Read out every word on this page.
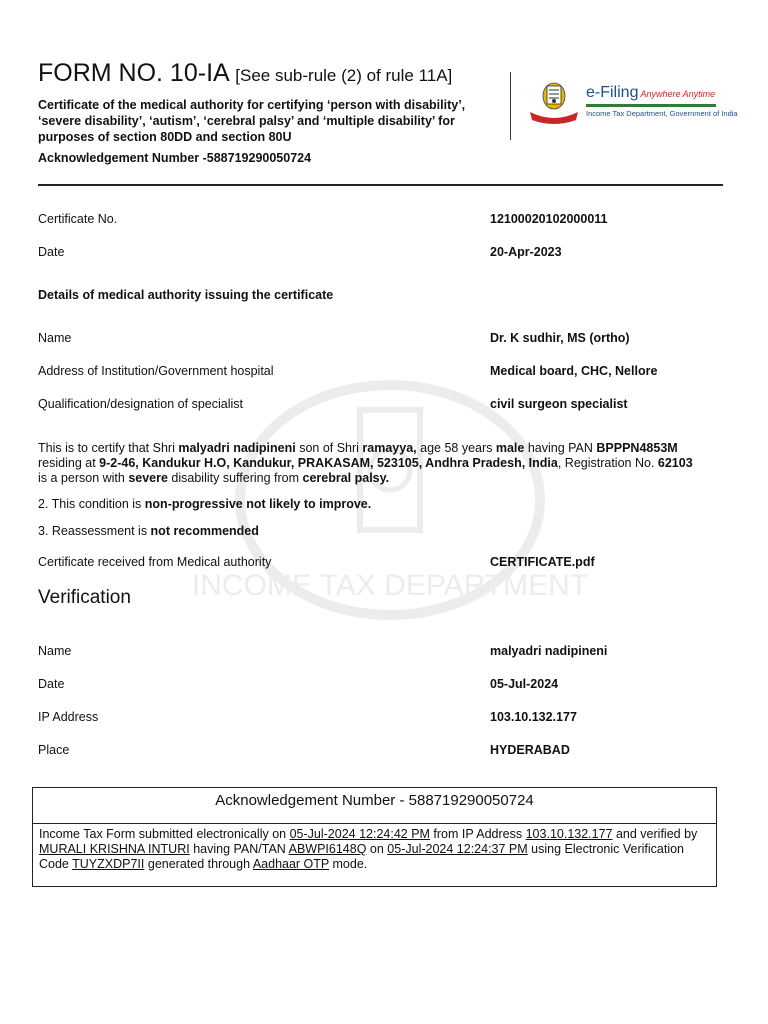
FORM NO. 10-IA [See sub-rule (2) of rule 11A]
Certificate of the medical authority for certifying ‘person with disability’, ‘severe disability’, ‘autism’, ‘cerebral palsy’ and ‘multiple disability’ for purposes of section 80DD and section 80U
Acknowledgement Number -588719290050724
e-Filing Anywhere Anytime
Income Tax Department, Government of India
INCOME TAX DEPARTMENT
Certificate No.	12100020102000011
Date	20-Apr-2023
Details of medical authority issuing the certificate
Name	Dr. K sudhir, MS (ortho)
Address of Institution/Government hospital	Medical board, CHC, Nellore
Qualification/designation of specialist	civil surgeon specialist
This is to certify that Shri malyadri nadipineni son of Shri ramayya, age 58 years male having PAN BPPPN4853M
residing at 9-2-46, Kandukur H.O, Kandukur, PRAKASAM, 523105, Andhra Pradesh, India, Registration No. 62103
is a person with severe disability suffering from cerebral palsy.
2. This condition is non-progressive not likely to improve.
3. Reassessment is not recommended
Certificate received from Medical authority	CERTIFICATE.pdf
Verification
Name	malyadri nadipineni
Date	05-Jul-2024
IP Address	103.10.132.177
Place	HYDERABAD
Acknowledgement Number - 588719290050724
Income Tax Form submitted electronically on 05-Jul-2024 12:24:42 PM from IP Address 103.10.132.177 and verified by MURALI KRISHNA INTURI having PAN/TAN ABWPI6148Q on 05-Jul-2024 12:24:37 PM using Electronic Verification Code TUYZXDP7II generated through Aadhaar OTP mode.
